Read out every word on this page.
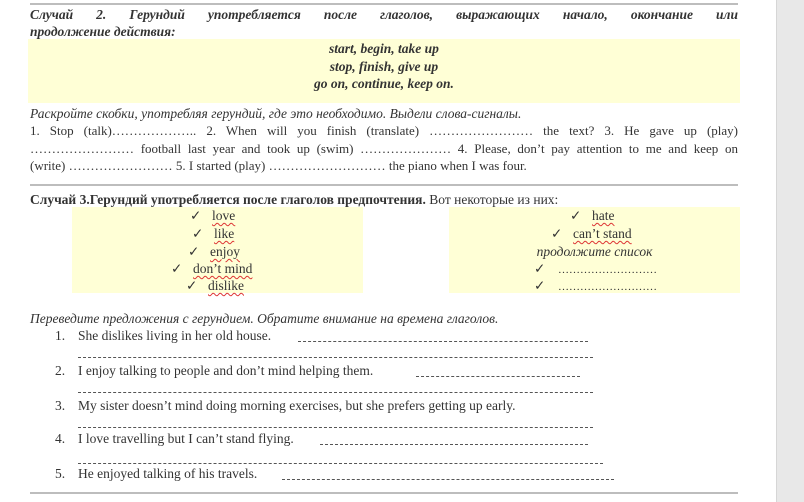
Случай 2. Герундий употребляется после глаголов, выражающих начало, окончание или
продолжение действия:
start, begin, take up
stop, finish, give up
go on, continue, keep on.
Раскройте скобки, употребляя герундий, где это необходимо. Выдели слова-сигналы.
1. Stop (talk)……………….. 2. When will you finish (translate) …………………… the text? 3. He gave up (play)
…………………… football last year and took up (swim) ………………… 4. Please, don’t pay attention to me and keep on
(write) …………………… 5. I started (play) ……………………… the piano when I was four.
Случай 3.Герундий употребляется после глаголов предпочтения. Вот некоторые из них:
✓ love
✓ like
✓ enjoy
✓ don’t mind
✓ dislike
✓ hate
✓ can’t stand
продолжите список
✓ ………………………
✓ ………………………
Переведите предложения с герундием. Обратите внимание на времена глаголов.
1. She dislikes living in her old house.
2. I enjoy talking to people and don’t mind helping them.
3. My sister doesn’t mind doing morning exercises, but she prefers getting up early.
4. I love travelling but I can’t stand flying.
5. He enjoyed talking of his travels.
